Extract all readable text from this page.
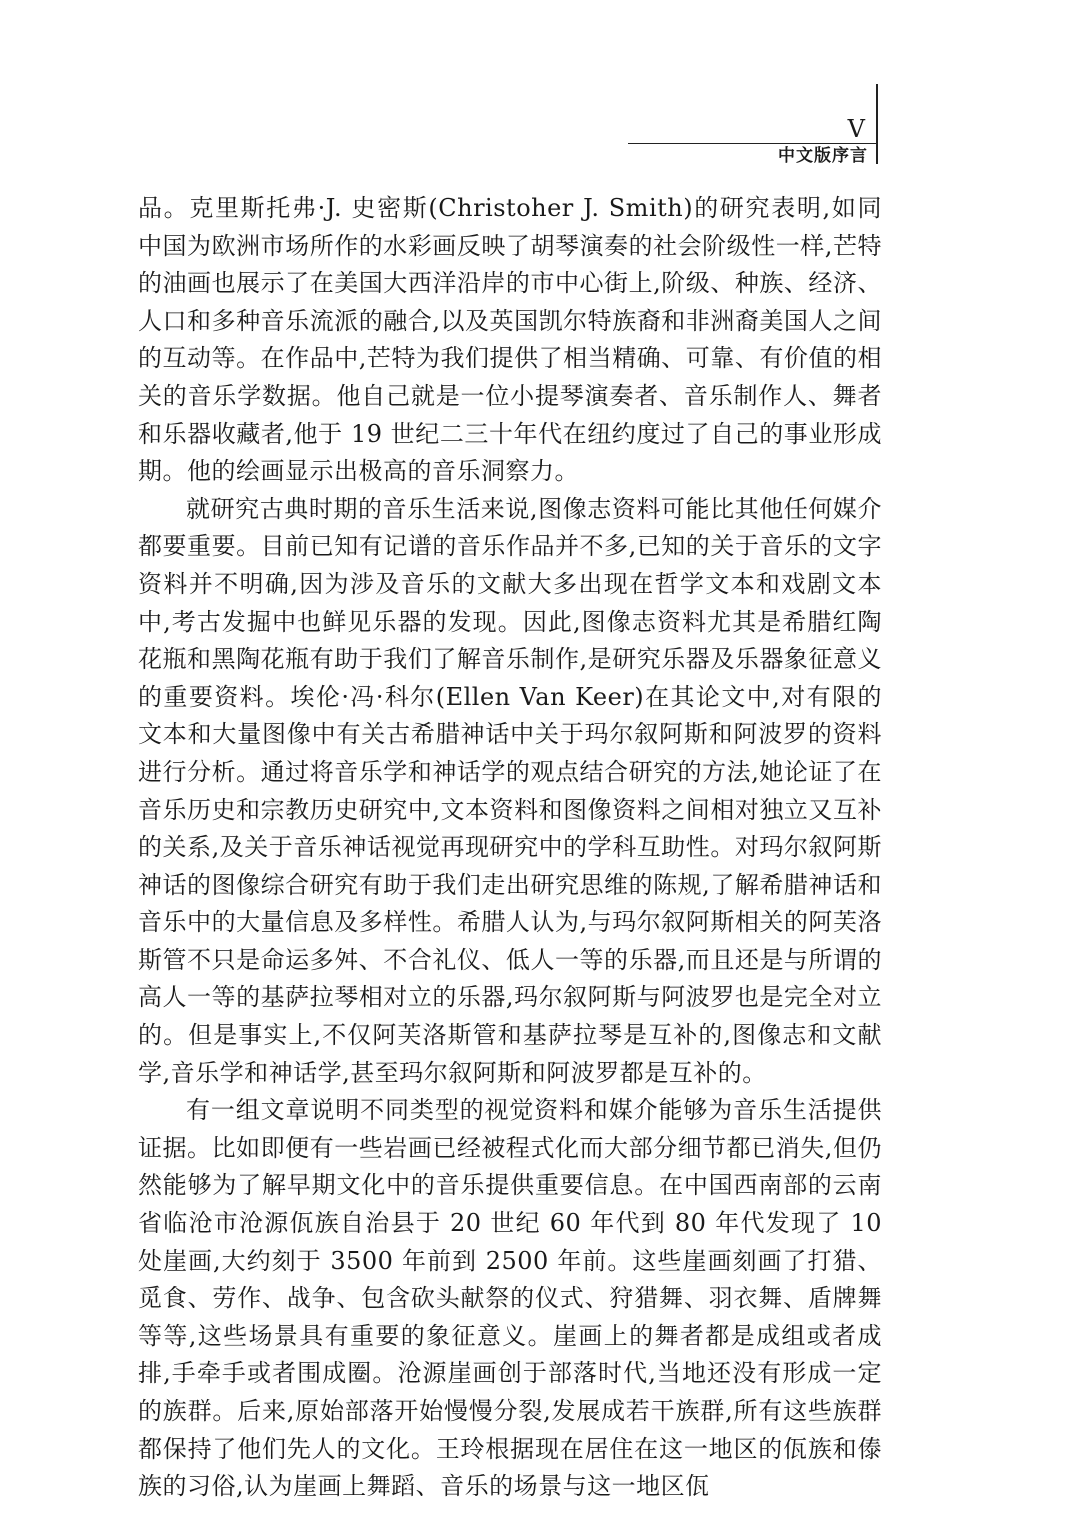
V
中文版序言

品。克里斯托弗·J. 史密斯(Christoher J. Smith)的研究表明,如同中国为欧洲市场所作的水彩画反映了胡琴演奏的社会阶级性一样,芒特的油画也展示了在美国大西洋沿岸的市中心街上,阶级、种族、经济、人口和多种音乐流派的融合,以及英国凯尔特族裔和非洲裔美国人之间的互动等。在作品中,芒特为我们提供了相当精确、可靠、有价值的相关的音乐学数据。他自己就是一位小提琴演奏者、音乐制作人、舞者和乐器收藏者,他于 19 世纪二三十年代在纽约度过了自己的事业形成期。他的绘画显示出极高的音乐洞察力。

就研究古典时期的音乐生活来说,图像志资料可能比其他任何媒介都要重要。目前已知有记谱的音乐作品并不多,已知的关于音乐的文字资料并不明确,因为涉及音乐的文献大多出现在哲学文本和戏剧文本中,考古发掘中也鲜见乐器的发现。因此,图像志资料尤其是希腊红陶花瓶和黑陶花瓶有助于我们了解音乐制作,是研究乐器及乐器象征意义的重要资料。埃伦·冯·科尔(Ellen Van Keer)在其论文中,对有限的文本和大量图像中有关古希腊神话中关于玛尔叙阿斯和阿波罗的资料进行分析。通过将音乐学和神话学的观点结合研究的方法,她论证了在音乐历史和宗教历史研究中,文本资料和图像资料之间相对独立又互补的关系,及关于音乐神话视觉再现研究中的学科互助性。对玛尔叙阿斯神话的图像综合研究有助于我们走出研究思维的陈规,了解希腊神话和音乐中的大量信息及多样性。希腊人认为,与玛尔叙阿斯相关的阿芙洛斯管不只是命运多舛、不合礼仪、低人一等的乐器,而且还是与所谓的高人一等的基萨拉琴相对立的乐器,玛尔叙阿斯与阿波罗也是完全对立的。但是事实上,不仅阿芙洛斯管和基萨拉琴是互补的,图像志和文献学,音乐学和神话学,甚至玛尔叙阿斯和阿波罗都是互补的。

有一组文章说明不同类型的视觉资料和媒介能够为音乐生活提供证据。比如即便有一些岩画已经被程式化而大部分细节都已消失,但仍然能够为了解早期文化中的音乐提供重要信息。在中国西南部的云南省临沧市沧源佤族自治县于 20 世纪 60 年代到 80 年代发现了 10 处崖画,大约刻于 3500 年前到 2500 年前。这些崖画刻画了打猎、觅食、劳作、战争、包含砍头献祭的仪式、狩猎舞、羽衣舞、盾牌舞等等,这些场景具有重要的象征意义。崖画上的舞者都是成组或者成排,手牵手或者围成圈。沧源崖画创于部落时代,当地还没有形成一定的族群。后来,原始部落开始慢慢分裂,发展成若干族群,所有这些族群都保持了他们先人的文化。王玲根据现在居住在这一地区的佤族和傣族的习俗,认为崖画上舞蹈、音乐的场景与这一地区佤
